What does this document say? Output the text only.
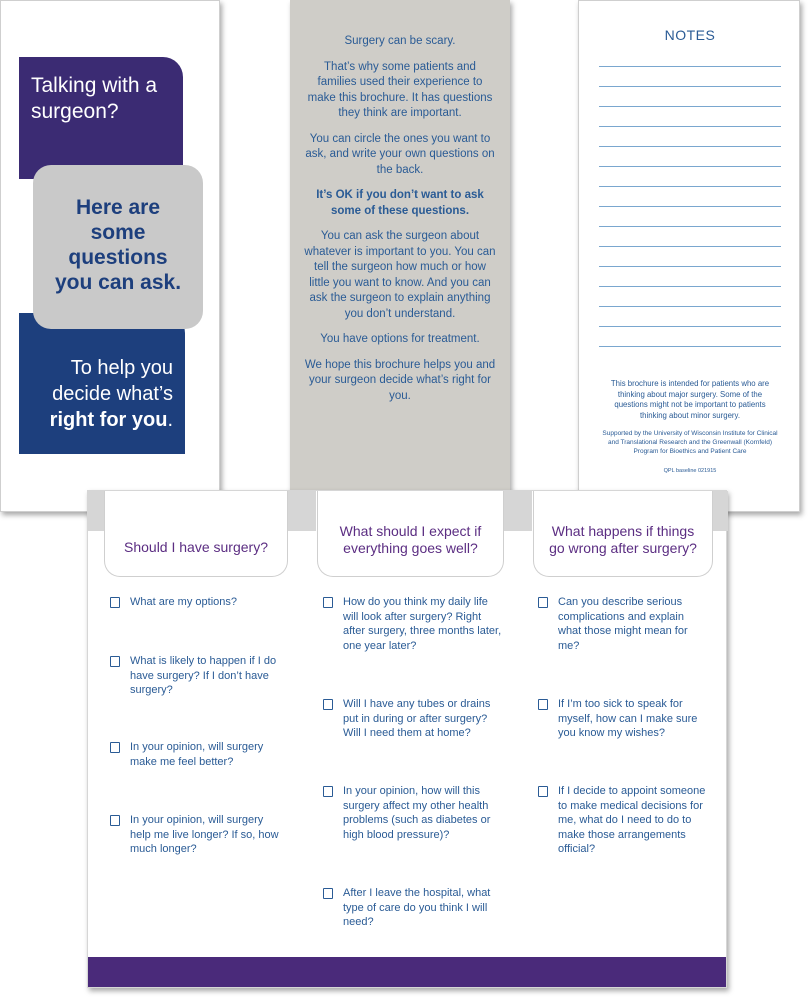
Talking with a surgeon?
To help you
decide what’s
right for you.
Here are some questions you can ask.

Surgery can be scary.

That’s why some patients and families used their experience to make this brochure. It has questions they think are important.

You can circle the ones you want to ask, and write your own questions on the back.

It’s OK if you don’t want to ask some of these questions.

You can ask the surgeon about whatever is important to you. You can tell the surgeon how much or how little you want to know. And you can ask the surgeon to explain anything you don’t understand.

You have options for treatment.

We hope this brochure helps you and your surgeon decide what’s right for you.

NOTES

This brochure is intended for patients who are thinking about major surgery. Some of the questions might not be important to patients thinking about minor surgery.

Supported by the University of Wisconsin Institute for Clinical and Translational Research and the Greenwall (Kornfeld) Program for Bioethics and Patient Care

QPL baseline 021915

Should I have surgery?
What should I expect if everything goes well?
What happens if things go wrong after surgery?
What are my options?
What is likely to happen if I do have surgery? If I don’t have surgery?
In your opinion, will surgery make me feel better?
In your opinion, will surgery help me live longer? If so, how much longer?
How do you think my daily life will look after surgery? Right after surgery, three months later, one year later?
Will I have any tubes or drains put in during or after surgery? Will I need them at home?
In your opinion, how will this surgery affect my other health problems (such as diabetes or high blood pressure)?
After I leave the hospital, what type of care do you think I will need?
Can you describe serious complications and explain what those might mean for me?
If I’m too sick to speak for myself, how can I make sure you know my wishes?
If I decide to appoint someone to make medical decisions for me, what do I need to do to make those arrangements official?
